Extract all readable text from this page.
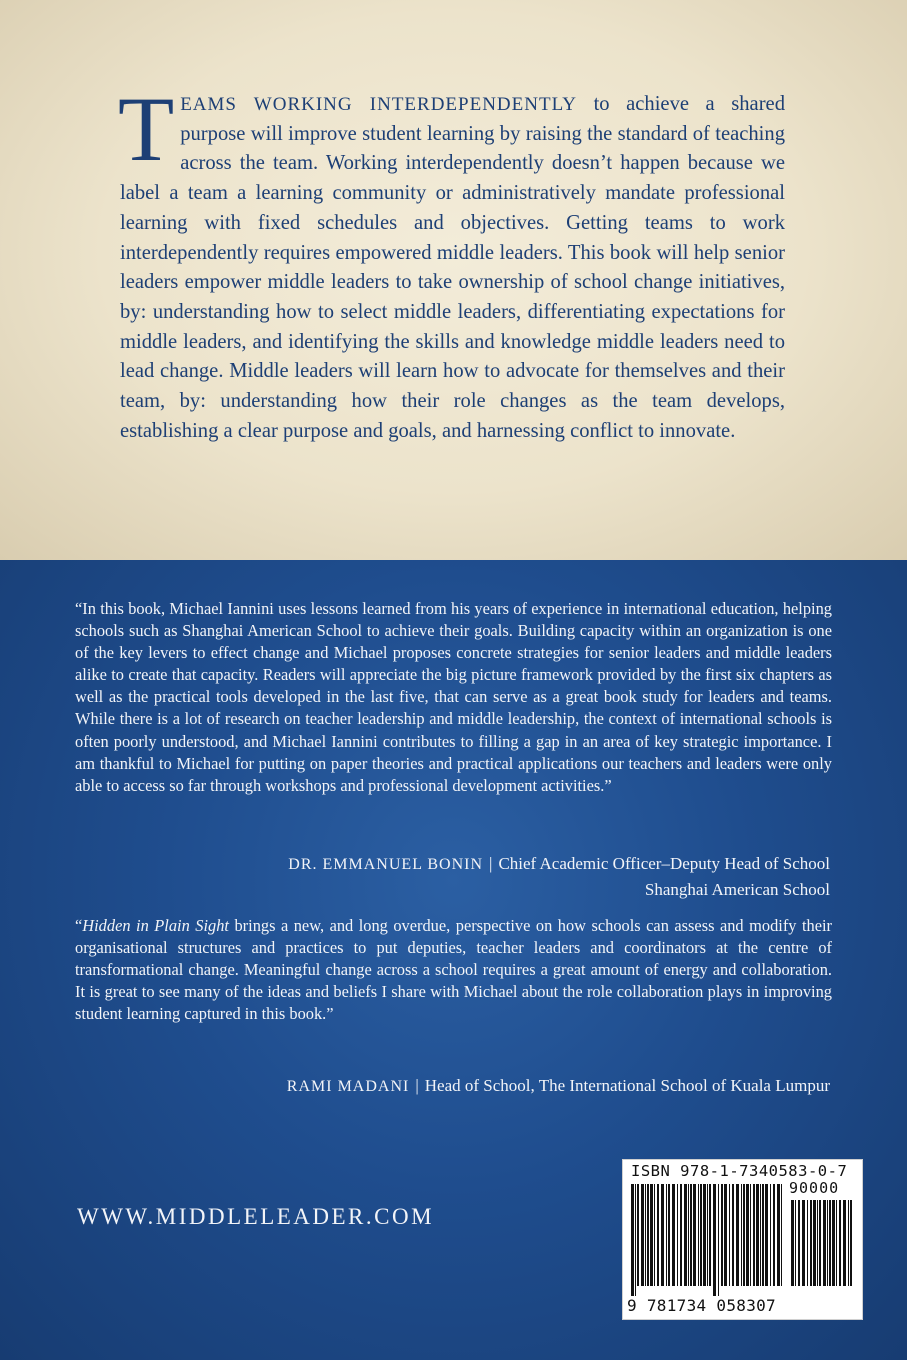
TEAMS WORKING INTERDEPENDENTLY to achieve a shared purpose will improve student learning by raising the standard of teaching across the team. Working interdependently doesn’t happen because we label a team a learning community or administratively mandate professional learning with fixed schedules and objectives. Getting teams to work interdependently requires empowered middle leaders. This book will help senior leaders empower middle leaders to take ownership of school change initiatives, by: understanding how to select middle leaders, differentiating expectations for middle leaders, and identifying the skills and knowledge middle leaders need to lead change. Middle leaders will learn how to advocate for themselves and their team, by: understanding how their role changes as the team develops, establishing a clear purpose and goals, and harnessing conflict to innovate.

“In this book, Michael Iannini uses lessons learned from his years of experience in international education, helping schools such as Shanghai American School to achieve their goals. Building capacity within an organization is one of the key levers to effect change and Michael proposes concrete strategies for senior leaders and middle leaders alike to create that capacity. Readers will appreciate the big picture framework provided by the first six chapters as well as the practical tools developed in the last five, that can serve as a great book study for leaders and teams. While there is a lot of research on teacher leadership and middle leadership, the context of international schools is often poorly understood, and Michael Iannini contributes to filling a gap in an area of key strategic importance. I am thankful to Michael for putting on paper theories and practical applications our teachers and leaders were only able to access so far through workshops and professional development activities.”

DR. EMMANUEL BONIN | Chief Academic Officer–Deputy Head of School
Shanghai American School

“Hidden in Plain Sight brings a new, and long overdue, perspective on how schools can assess and modify their organisational structures and practices to put deputies, teacher leaders and coordinators at the centre of transformational change. Meaningful change across a school requires a great amount of energy and collaboration. It is great to see many of the ideas and beliefs I share with Michael about the role collaboration plays in improving student learning captured in this book.”

RAMI MADANI | Head of School, The International School of Kuala Lumpur
WWW.MIDDLELEADER.COM
ISBN 978-1-7340583-0-7
90000
9 781734 058307
